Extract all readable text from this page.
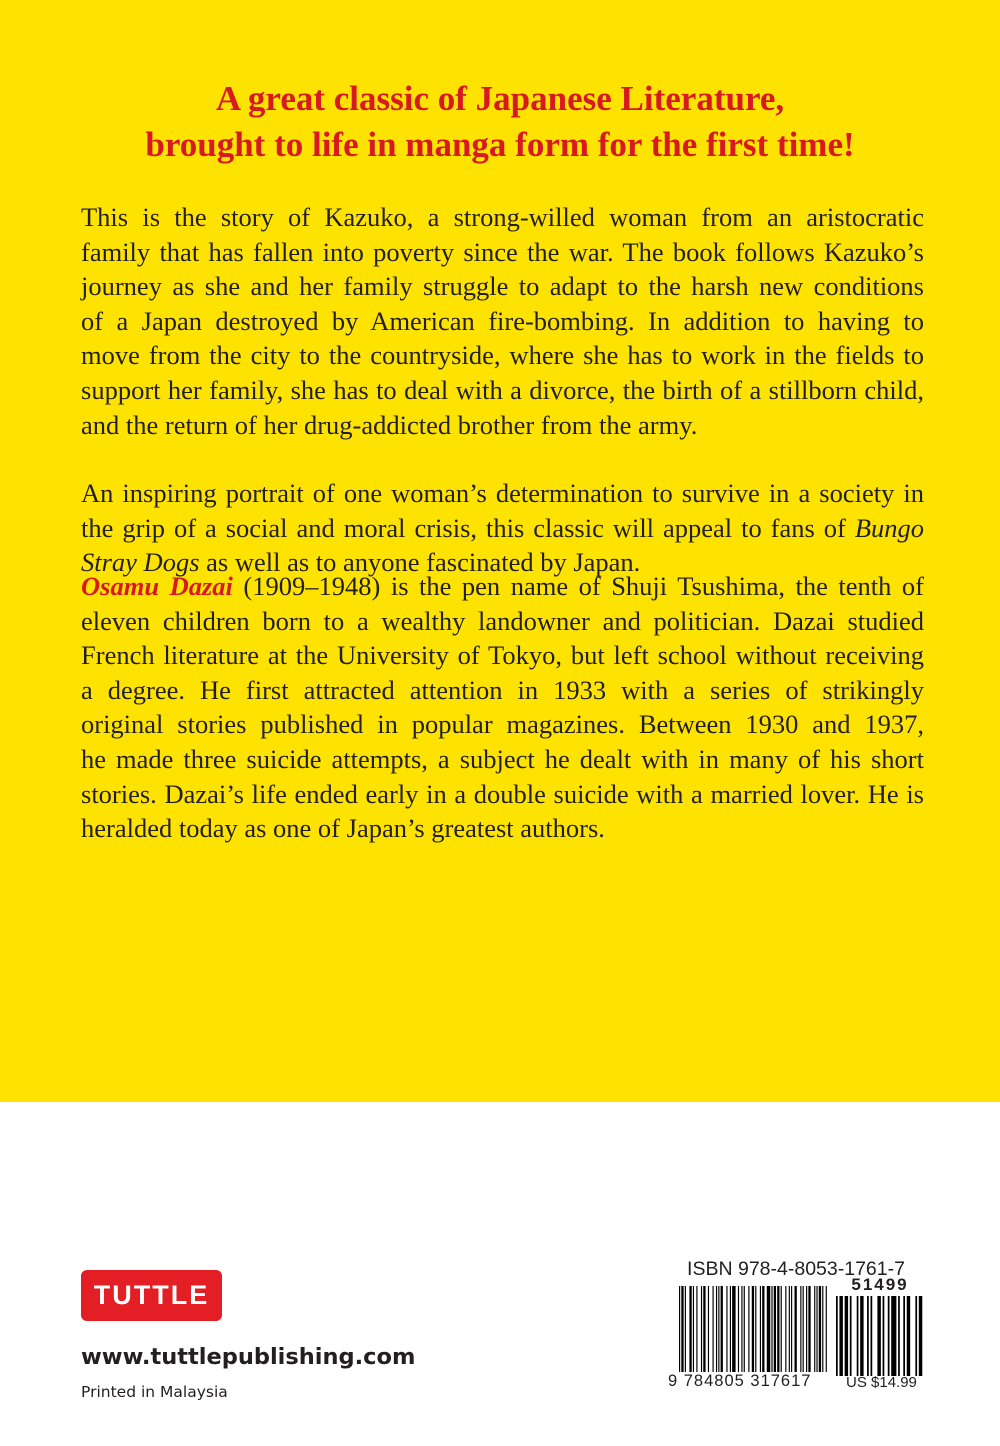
A great classic of Japanese Literature,
brought to life in manga form for the first time!
This is the story of Kazuko, a strong-willed woman from an aristocratic
family that has fallen into poverty since the war. The book follows Kazuko’s
journey as she and her family struggle to adapt to the harsh new conditions
of a Japan destroyed by American fire-bombing. In addition to having to
move from the city to the countryside, where she has to work in the fields to
support her family, she has to deal with a divorce, the birth of a stillborn child,
and the return of her drug-addicted brother from the army.
An inspiring portrait of one woman’s determination to survive in a society in
the grip of a social and moral crisis, this classic will appeal to fans of Bungo
Stray Dogs as well as to anyone fascinated by Japan.
Osamu Dazai (1909–1948) is the pen name of Shuji Tsushima, the tenth of
eleven children born to a wealthy landowner and politician. Dazai studied
French literature at the University of Tokyo, but left school without receiving
a degree. He first attracted attention in 1933 with a series of strikingly
original stories published in popular magazines. Between 1930 and 1937,
he made three suicide attempts, a subject he dealt with in many of his short
stories. Dazai’s life ended early in a double suicide with a married lover. He is
heralded today as one of Japan’s greatest authors.
TUTTLE
www.tuttlepublishing.com
Printed in Malaysia
ISBN 978-4-8053-1761-7
51499
9 784805 317617	US $14.99
